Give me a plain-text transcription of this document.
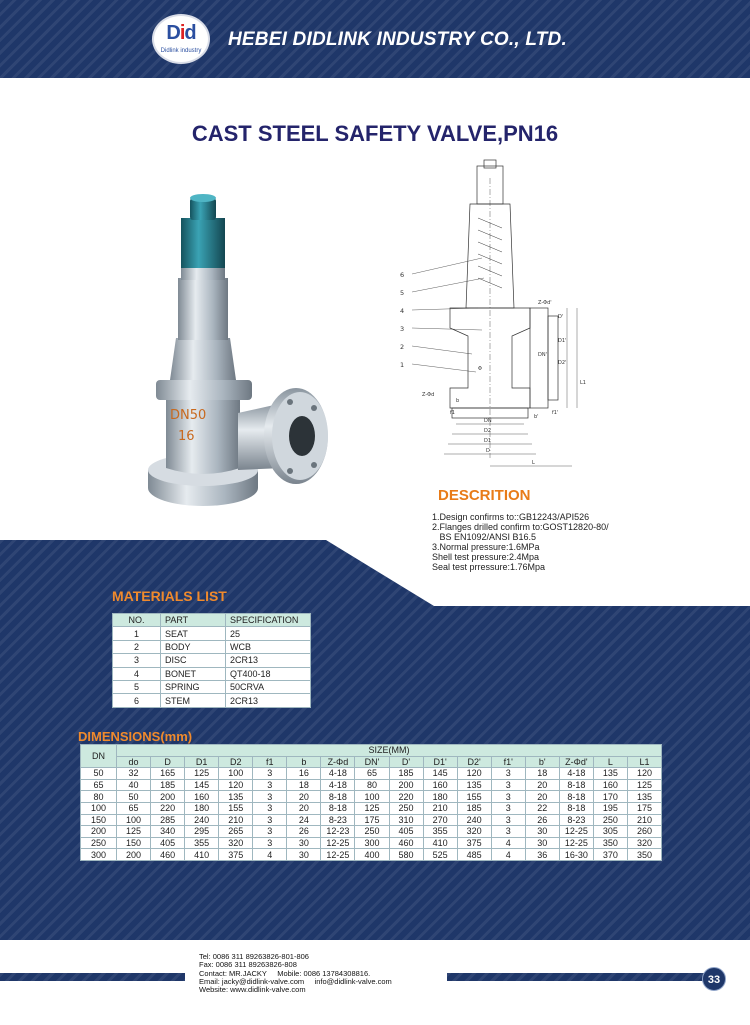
Did
Didlink industry
HEBEI DIDLINK INDUSTRY CO., LTD.
CAST STEEL SAFETY VALVE,PN16
DN50
16
6
5
4
3
2
1
DN
D2
D1
D
L
Z-Φd
Z-Φd'
b
b'
f1	f1'
L1
Φ
D'
D1'
D2'
DN'
DESCRITION
1.Design confirms to::GB12243/API526
2.Flanges drilled confirm to:GOST12820-80/
BS EN1092/ANSI B16.5
3.Normal pressure:1.6MPa
Shell test pressure:2.4Mpa
Seal test prressure:1.76Mpa
MATERIALS LIST
NO.	PART	SPECIFICATION
1	SEAT	25
2	BODY	WCB
3	DISC	2CR13
4	BONET	QT400-18
5	SPRING	50CRVA
6	STEM	2CR13
DIMENSIONS(mm)
DN	SIZE(MM)															
	do	D	D1	D2	f1	b	Z-Φd	DN'	D'	D1'	D2'	f1'	b'	Z-Φd'	L	L1
50	32	165	125	100	3	16	4-18	65	185	145	120	3	18	4-18	135	120
65	40	185	145	120	3	18	4-18	80	200	160	135	3	20	8-18	160	125
80	50	200	160	135	3	20	8-18	100	220	180	155	3	20	8-18	170	135
100	65	220	180	155	3	20	8-18	125	250	210	185	3	22	8-18	195	175
150	100	285	240	210	3	24	8-23	175	310	270	240	3	26	8-23	250	210
200	125	340	295	265	3	26	12-23	250	405	355	320	3	30	12-25	305	260
250	150	405	355	320	3	30	12-25	300	460	410	375	4	30	12-25	350	320
300	200	460	410	375	4	30	12-25	400	580	525	485	4	36	16-30	370	350
Tel: 0086 311 89263826-801-806
Fax: 0086 311 89263826-808
Contact: MR.JACKY     Mobile: 0086 13784308816.
Email: jacky@didlink-valve.com     info@didlink-valve.com
Website: www.didlink-valve.com
33
